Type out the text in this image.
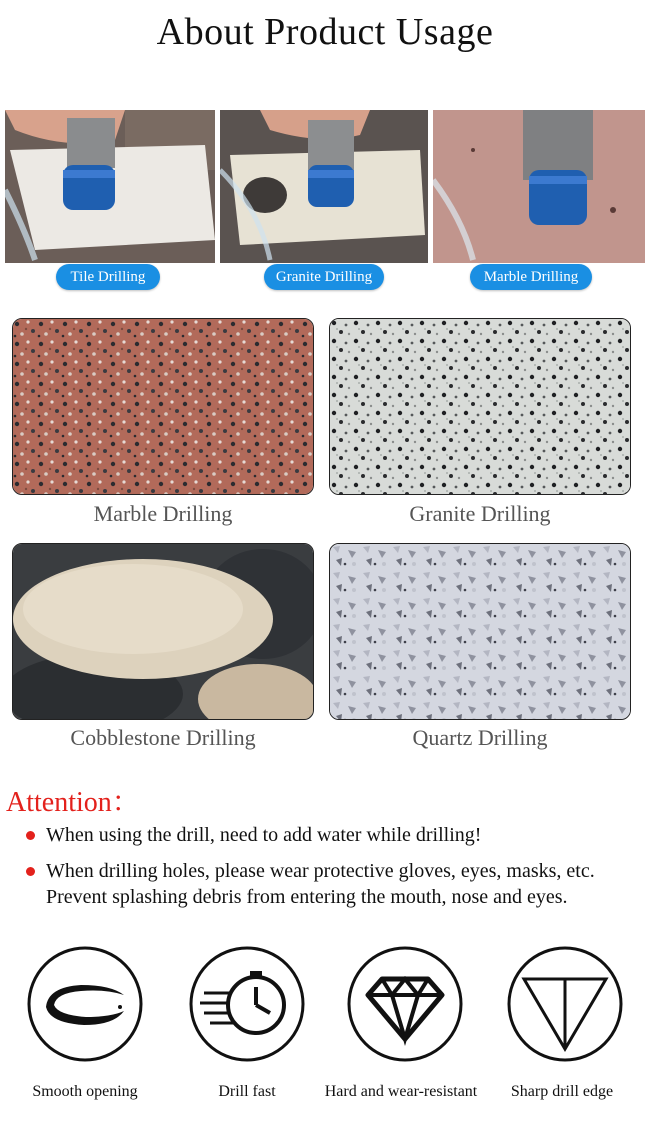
About Product Usage
Tile Drilling	Granite Drilling	Marble Drilling
Marble Drilling	Granite Drilling
Cobblestone Drilling	Quartz Drilling
Attention：
When using the drill, need to add water while drilling!
When drilling holes, please wear protective gloves, eyes, masks, etc.
Prevent splashing debris from entering the mouth, nose and eyes.
Smooth opening	Drill fast	Hard and wear-resistant	Sharp drill edge
